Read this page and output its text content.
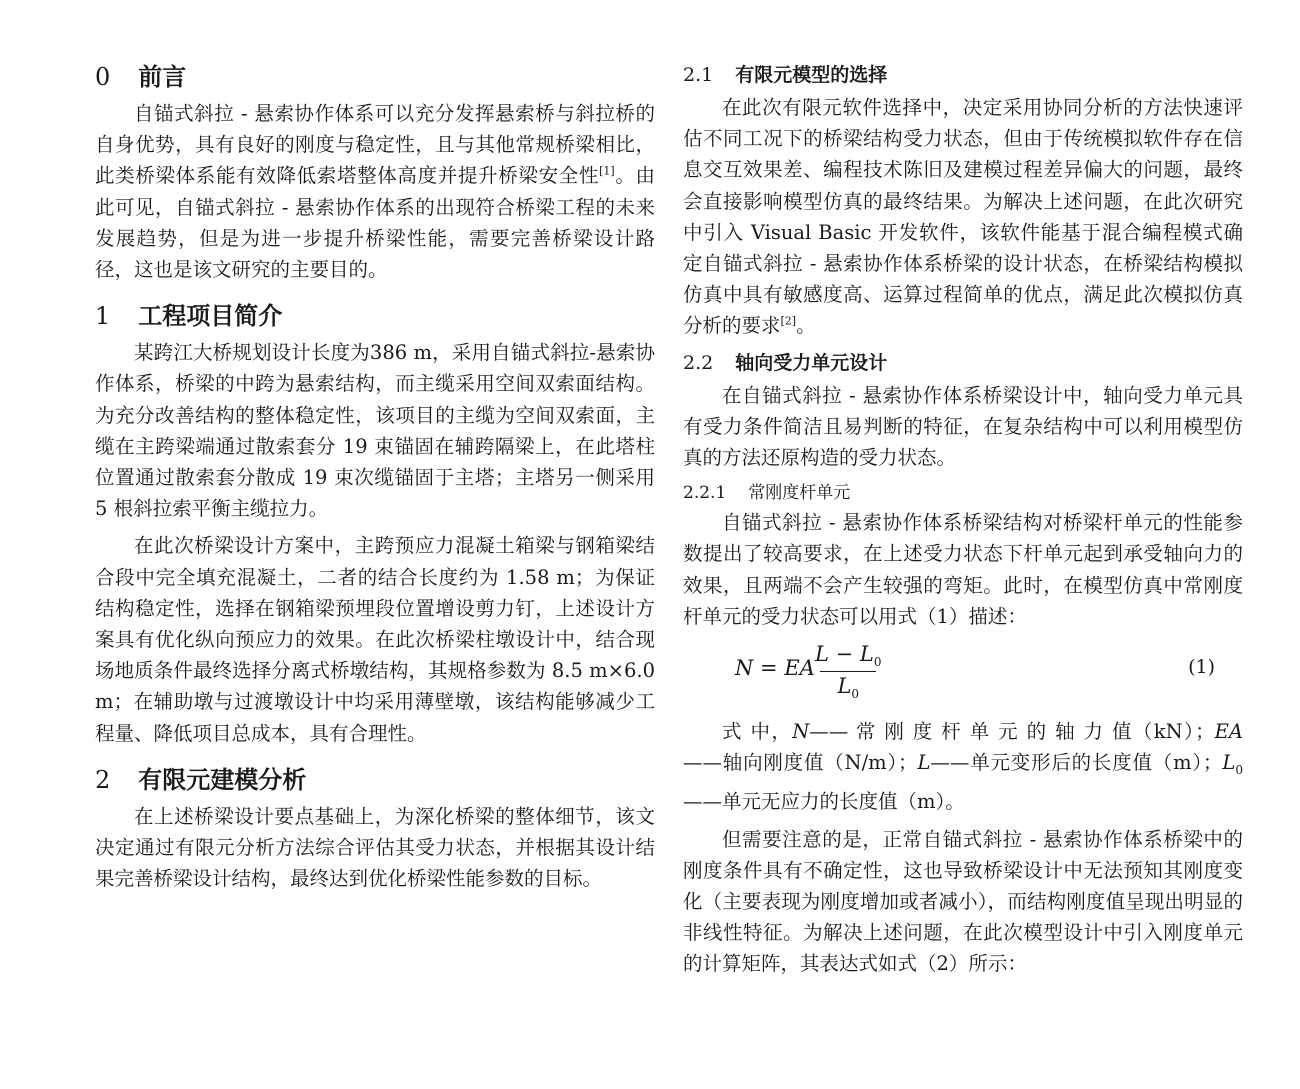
0 前言

自锚式斜拉 - 悬索协作体系可以充分发挥悬索桥与斜拉桥的自身优势，具有良好的刚度与稳定性，且与其他常规桥梁相比，此类桥梁体系能有效降低索塔整体高度并提升桥梁安全性[1]。由此可见，自锚式斜拉 - 悬索协作体系的出现符合桥梁工程的未来发展趋势，但是为进一步提升桥梁性能，需要完善桥梁设计路径，这也是该文研究的主要目的。

1 工程项目简介

某跨江大桥规划设计长度为386 m，采用自锚式斜拉-悬索协作体系，桥梁的中跨为悬索结构，而主缆采用空间双索面结构。为充分改善结构的整体稳定性，该项目的主缆为空间双索面，主缆在主跨梁端通过散索套分 19 束锚固在辅跨隔梁上，在此塔柱位置通过散索套分散成 19 束次缆锚固于主塔；主塔另一侧采用 5 根斜拉索平衡主缆拉力。

在此次桥梁设计方案中，主跨预应力混凝土箱梁与钢箱梁结合段中完全填充混凝土，二者的结合长度约为 1.58 m；为保证结构稳定性，选择在钢箱梁预埋段位置增设剪力钉，上述设计方案具有优化纵向预应力的效果。在此次桥梁柱墩设计中，结合现场地质条件最终选择分离式桥墩结构，其规格参数为 8.5 m×6.0 m；在辅助墩与过渡墩设计中均采用薄壁墩，该结构能够减少工程量、降低项目总成本，具有合理性。

2 有限元建模分析

在上述桥梁设计要点基础上，为深化桥梁的整体细节，该文决定通过有限元分析方法综合评估其受力状态，并根据其设计结果完善桥梁设计结构，最终达到优化桥梁性能参数的目标。

2.1 有限元模型的选择

在此次有限元软件选择中，决定采用协同分析的方法快速评估不同工况下的桥梁结构受力状态，但由于传统模拟软件存在信息交互效果差、编程技术陈旧及建模过程差异偏大的问题，最终会直接影响模型仿真的最终结果。为解决上述问题，在此次研究中引入 Visual Basic 开发软件，该软件能基于混合编程模式确定自锚式斜拉 - 悬索协作体系桥梁的设计状态，在桥梁结构模拟仿真中具有敏感度高、运算过程简单的优点，满足此次模拟仿真分析的要求[2]。

2.2 轴向受力单元设计

在自锚式斜拉 - 悬索协作体系桥梁设计中，轴向受力单元具有受力条件简洁且易判断的特征，在复杂结构中可以利用模型仿真的方法还原构造的受力状态。

2.2.1 常刚度杆单元

自锚式斜拉 - 悬索协作体系桥梁结构对桥梁杆单元的性能参数提出了较高要求，在上述受力状态下杆单元起到承受轴向力的效果，且两端不会产生较强的弯矩。此时，在模型仿真中常刚度杆单元的受力状态可以用式（1）描述：

N = EA
$L - L_0$
$L_0$
(1)

式 中，N—— 常 刚 度 杆 单 元 的 轴 力 值（kN）；EA——轴向刚度值（N/m）；L——单元变形后的长度值（m）；$L_0——$单元无应力的长度值（m）。

但需要注意的是，正常自锚式斜拉 - 悬索协作体系桥梁中的刚度条件具有不确定性，这也导致桥梁设计中无法预知其刚度变化（主要表现为刚度增加或者减小），而结构刚度值呈现出明显的非线性特征。为解决上述问题，在此次模型设计中引入刚度单元的计算矩阵，其表达式如式（2）所示：
